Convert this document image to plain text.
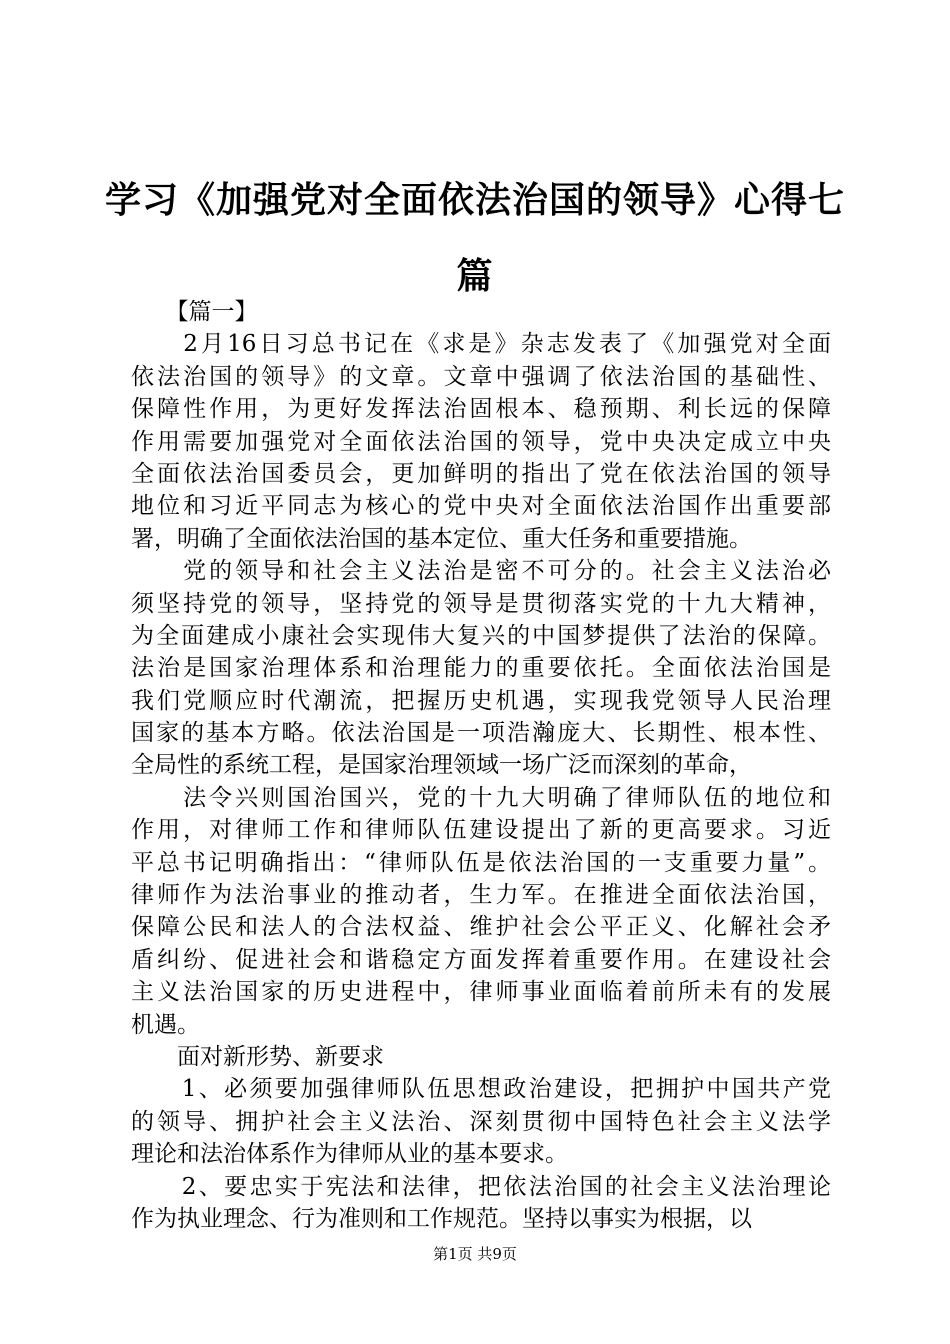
学习《加强党对全面依法治国的领导》心得七
篇
　　【篇一】
　　2月16日习总书记在《求是》杂志发表了《加强党对全面
依法治国的领导》的文章。文章中强调了依法治国的基础性、
保障性作用，为更好发挥法治固根本、稳预期、利长远的保障
作用需要加强党对全面依法治国的领导，党中央决定成立中央
全面依法治国委员会，更加鲜明的指出了党在依法治国的领导
地位和习近平同志为核心的党中央对全面依法治国作出重要部
署，明确了全面依法治国的基本定位、重大任务和重要措施。
　　党的领导和社会主义法治是密不可分的。社会主义法治必
须坚持党的领导，坚持党的领导是贯彻落实党的十九大精神，
为全面建成小康社会实现伟大复兴的中国梦提供了法治的保障。
法治是国家治理体系和治理能力的重要依托。全面依法治国是
我们党顺应时代潮流，把握历史机遇，实现我党领导人民治理
国家的基本方略。依法治国是一项浩瀚庞大、长期性、根本性、
全局性的系统工程，是国家治理领域一场广泛而深刻的革命，
　　法令兴则国治国兴，党的十九大明确了律师队伍的地位和
作用，对律师工作和律师队伍建设提出了新的更高要求。习近
平总书记明确指出：“律师队伍是依法治国的一支重要力量”。
律师作为法治事业的推动者，生力军。在推进全面依法治国，
保障公民和法人的合法权益、维护社会公平正义、化解社会矛
盾纠纷、促进社会和谐稳定方面发挥着重要作用。在建设社会
主义法治国家的历史进程中，律师事业面临着前所未有的发展
机遇。
　　面对新形势、新要求
　　1、必须要加强律师队伍思想政治建设，把拥护中国共产党
的领导、拥护社会主义法治、深刻贯彻中国特色社会主义法学
理论和法治体系作为律师从业的基本要求。
　　2、要忠实于宪法和法律，把依法治国的社会主义法治理论
作为执业理念、行为准则和工作规范。坚持以事实为根据，以
第1页 共9页
